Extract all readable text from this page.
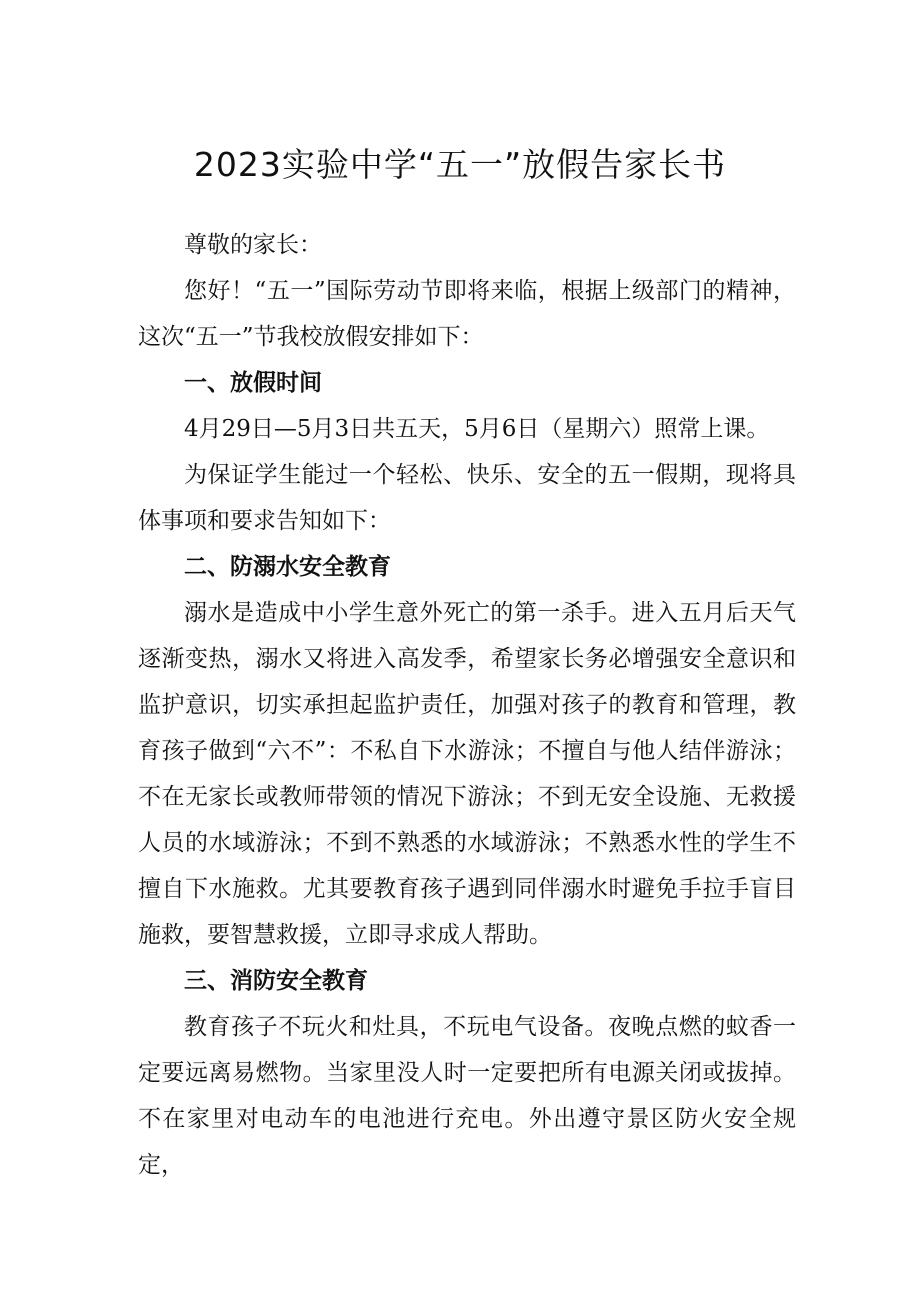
2023实验中学“五一”放假告家长书

尊敬的家长：

您好！“五一”国际劳动节即将来临，根据上级部门的精神，这次“五一”节我校放假安排如下：

一、放假时间

4月29日—5月3日共五天，5月6日（星期六）照常上课。

为保证学生能过一个轻松、快乐、安全的五一假期，现将具体事项和要求告知如下：

二、防溺水安全教育

溺水是造成中小学生意外死亡的第一杀手。进入五月后天气逐渐变热，溺水又将进入高发季，希望家长务必增强安全意识和监护意识，切实承担起监护责任，加强对孩子的教育和管理，教育孩子做到“六不”：不私自下水游泳；不擅自与他人结伴游泳；不在无家长或教师带领的情况下游泳；不到无安全设施、无救援人员的水域游泳；不到不熟悉的水域游泳；不熟悉水性的学生不擅自下水施救。尤其要教育孩子遇到同伴溺水时避免手拉手盲目施救，要智慧救援，立即寻求成人帮助。

三、消防安全教育

教育孩子不玩火和灶具，不玩电气设备。夜晚点燃的蚊香一定要远离易燃物。当家里没人时一定要把所有电源关闭或拔掉。不在家里对电动车的电池进行充电。外出遵守景区防火安全规定，
